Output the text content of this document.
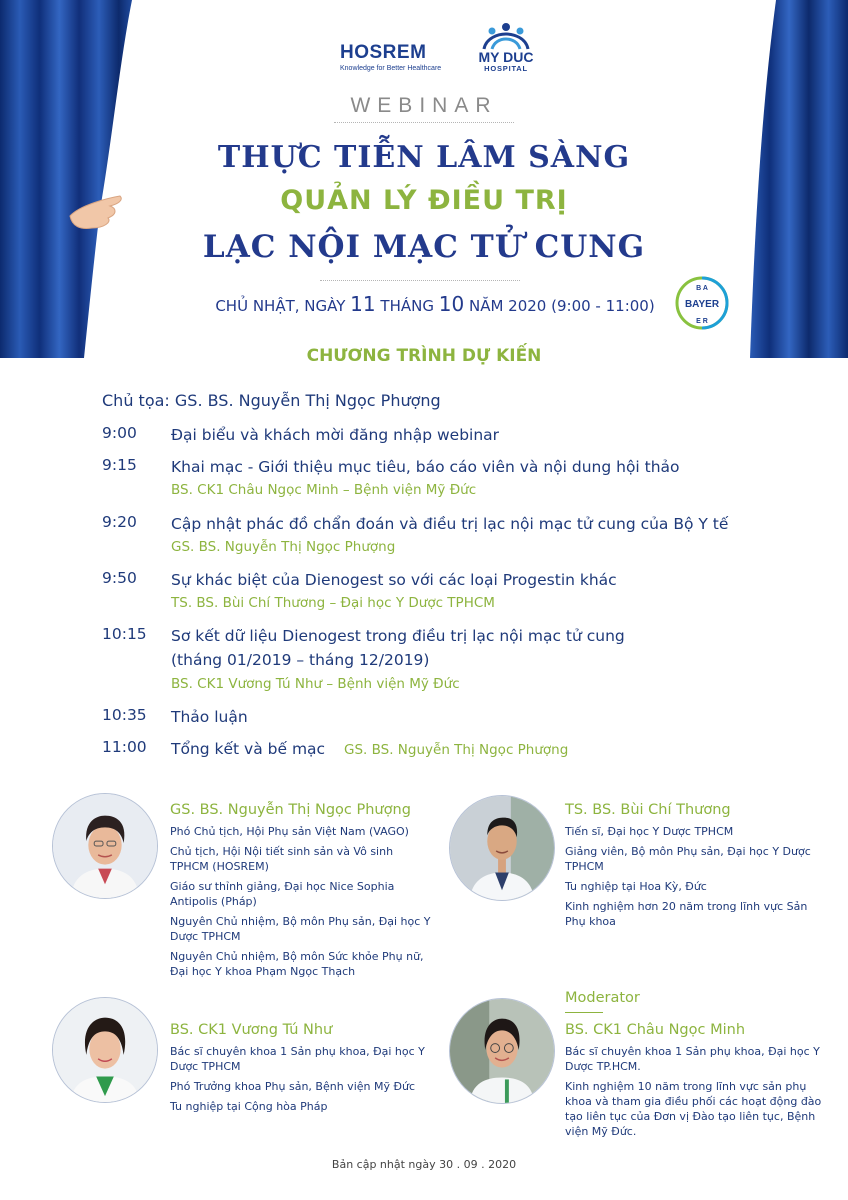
HOSREM
Knowledge for Better Healthcare
MY DUC
HOSPITAL
WEBINAR
THỰC TIỄN LÂM SÀNG
QUẢN LÝ ĐIỀU TRỊ
LẠC NỘI MẠC TỬ CUNG
CHỦ NHẬT, NGÀY 11 THÁNG 10 NĂM 2020 (9:00 - 11:00)	BAYER
B A
E R
CHƯƠNG TRÌNH DỰ KIẾN
Chủ tọa: GS. BS. Nguyễn Thị Ngọc Phượng
9:00 Đại biểu và khách mời đăng nhập webinar
9:15 Khai mạc - Giới thiệu mục tiêu, báo cáo viên và nội dung hội thảo
BS. CK1 Châu Ngọc Minh – Bệnh viện Mỹ Đức
9:20 Cập nhật phác đồ chẩn đoán và điều trị lạc nội mạc tử cung của Bộ Y tế
GS. BS. Nguyễn Thị Ngọc Phượng
9:50 Sự khác biệt của Dienogest so với các loại Progestin khác
TS. BS. Bùi Chí Thương – Đại học Y Dược TPHCM
10:15 Sơ kết dữ liệu Dienogest trong điều trị lạc nội mạc tử cung
(tháng 01/2019 – tháng 12/2019)
BS. CK1 Vương Tú Như – Bệnh viện Mỹ Đức
10:35 Thảo luận
11:00 Tổng kết và bế mạc GS. BS. Nguyễn Thị Ngọc Phượng
GS. BS. Nguyễn Thị Ngọc Phượng
Phó Chủ tịch, Hội Phụ sản Việt Nam (VAGO)
Chủ tịch, Hội Nội tiết sinh sản và Vô sinh TPHCM (HOSREM)
Giáo sư thỉnh giảng, Đại học Nice Sophia Antipolis (Pháp)
Nguyên Chủ nhiệm, Bộ môn Phụ sản, Đại học Y Dược TPHCM
Nguyên Chủ nhiệm, Bộ môn Sức khỏe Phụ nữ, Đại học Y khoa Phạm Ngọc Thạch
TS. BS. Bùi Chí Thương
Tiến sĩ, Đại học Y Dược TPHCM
Giảng viên, Bộ môn Phụ sản, Đại học Y Dược TPHCM
Tu nghiệp tại Hoa Kỳ, Đức
Kinh nghiệm hơn 20 năm trong lĩnh vực Sản Phụ khoa
BS. CK1 Vương Tú Như
Bác sĩ chuyên khoa 1 Sản phụ khoa, Đại học Y Dược TPHCM
Phó Trưởng khoa Phụ sản, Bệnh viện Mỹ Đức
Tu nghiệp tại Cộng hòa Pháp
Moderator
BS. CK1 Châu Ngọc Minh
Bác sĩ chuyên khoa 1 Sản phụ khoa, Đại học Y Dược TP.HCM.
Kinh nghiệm 10 năm trong lĩnh vực sản phụ khoa và tham gia điều phối các hoạt động đào tạo liên tục của Đơn vị Đào tạo liên tục, Bệnh viện Mỹ Đức.
Bản cập nhật ngày 30 . 09 . 2020
